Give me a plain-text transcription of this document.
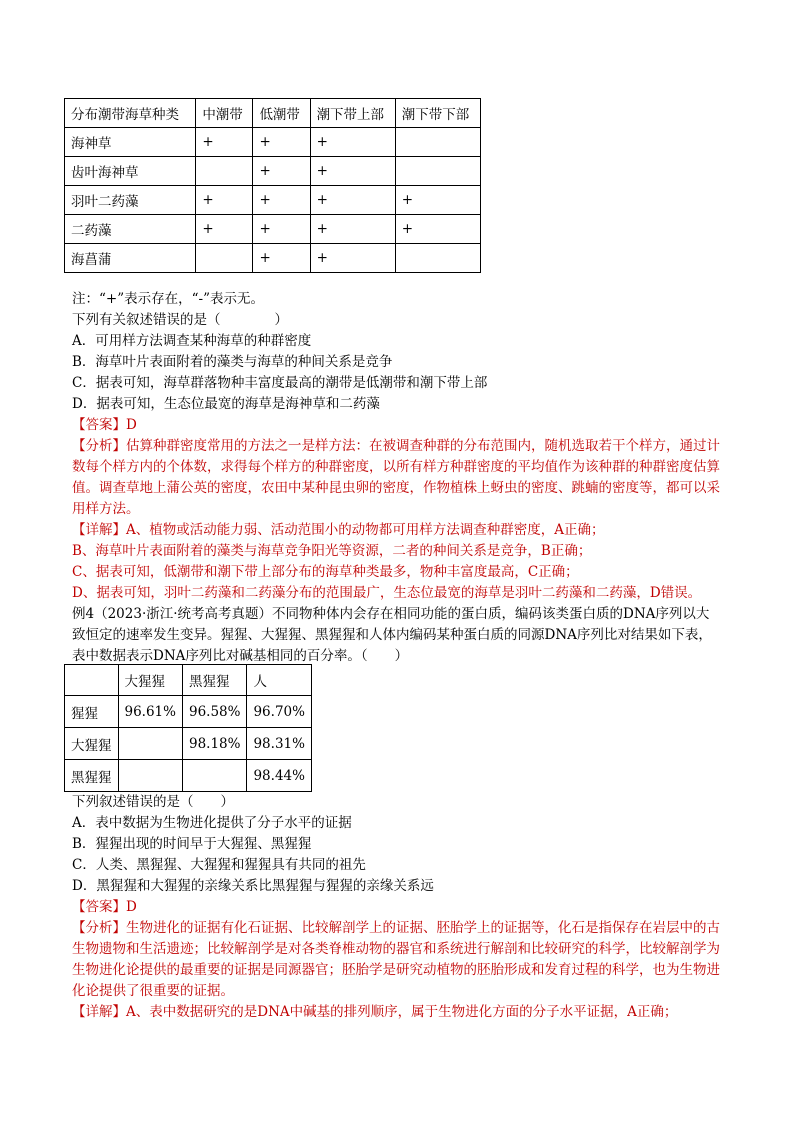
分布潮带海草种类	中潮带	低潮带	潮下带上部	潮下带下部
海神草	+	+	+	
齿叶海神草		+	+	
羽叶二药藻	+	+	+	+
二药藻	+	+	+	+
海菖蒲		+	+	
注：“+”表示存在，“-”表示无。
下列有关叙述错误的是（　　　　）
A．可用样方法调查某种海草的种群密度
B．海草叶片表面附着的藻类与海草的种间关系是竞争
C．据表可知，海草群落物种丰富度最高的潮带是低潮带和潮下带上部
D．据表可知，生态位最宽的海草是海神草和二药藻
【答案】D
【分析】估算种群密度常用的方法之一是样方法：在被调查种群的分布范围内，随机选取若干个样方，通过计数每个样方内的个体数，求得每个样方的种群密度，以所有样方种群密度的平均值作为该种群的种群密度估算值。调查草地上蒲公英的密度，农田中某种昆虫卵的密度，作物植株上蚜虫的密度、跳蝻的密度等，都可以采用样方法。
【详解】A、植物或活动能力弱、活动范围小的动物都可用样方法调查种群密度，A正确；
B、海草叶片表面附着的藻类与海草竞争阳光等资源，二者的种间关系是竞争，B正确；
C、据表可知，低潮带和潮下带上部分布的海草种类最多，物种丰富度最高，C正确；
D、据表可知，羽叶二药藻和二药藻分布的范围最广，生态位最宽的海草是羽叶二药藻和二药藻，D错误。
例4（2023·浙江·统考高考真题）不同物种体内会存在相同功能的蛋白质，编码该类蛋白质的DNA序列以大致恒定的速率发生变异。猩猩、大猩猩、黑猩猩和人体内编码某种蛋白质的同源DNA序列比对结果如下表，表中数据表示DNA序列比对碱基相同的百分率。（　　）
	大猩猩	黑猩猩	人
猩猩	96.61%	96.58%	96.70%
大猩猩		98.18%	98.31%
黑猩猩			98.44%
下列叙述错误的是（　　）
A．表中数据为生物进化提供了分子水平的证据
B．猩猩出现的时间早于大猩猩、黑猩猩
C．人类、黑猩猩、大猩猩和猩猩具有共同的祖先
D．黑猩猩和大猩猩的亲缘关系比黑猩猩与猩猩的亲缘关系远
【答案】D
【分析】生物进化的证据有化石证据、比较解剖学上的证据、胚胎学上的证据等，化石是指保存在岩层中的古生物遗物和生活遗迹；比较解剖学是对各类脊椎动物的器官和系统进行解剖和比较研究的科学，比较解剖学为生物进化论提供的最重要的证据是同源器官；胚胎学是研究动植物的胚胎形成和发育过程的科学，也为生物进化论提供了很重要的证据。
【详解】A、表中数据研究的是DNA中碱基的排列顺序，属于生物进化方面的分子水平证据，A正确；
